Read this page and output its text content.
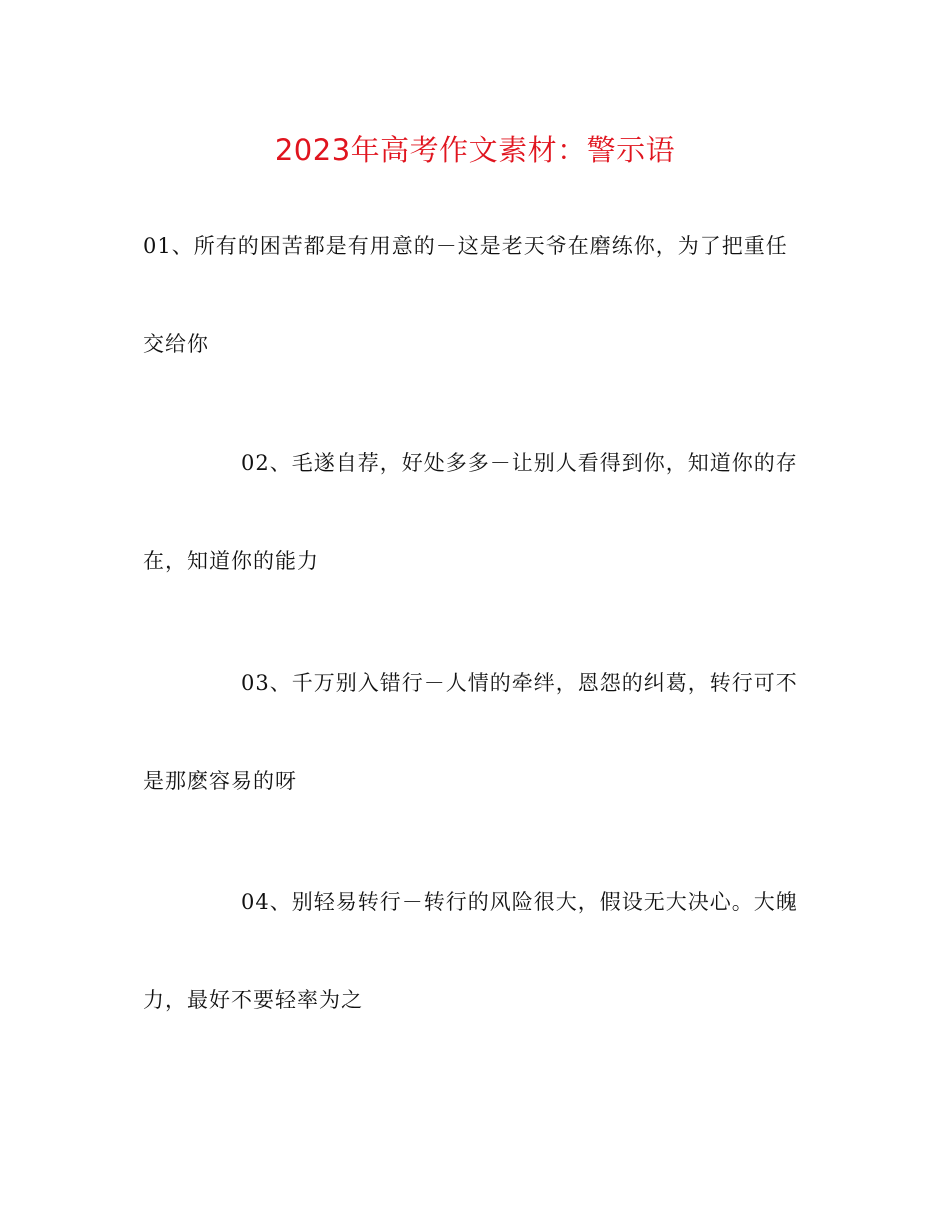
2023年高考作文素材：警示语

01、所有的困苦都是有用意的－这是老天爷在磨练你，为了把重任交给你

02、毛遂自荐，好处多多－让别人看得到你，知道你的存在，知道你的能力

03、千万别入错行－人情的牵绊，恩怨的纠葛，转行可不是那麽容易的呀

04、别轻易转行－转行的风险很大，假设无大决心。大魄力，最好不要轻率为之
